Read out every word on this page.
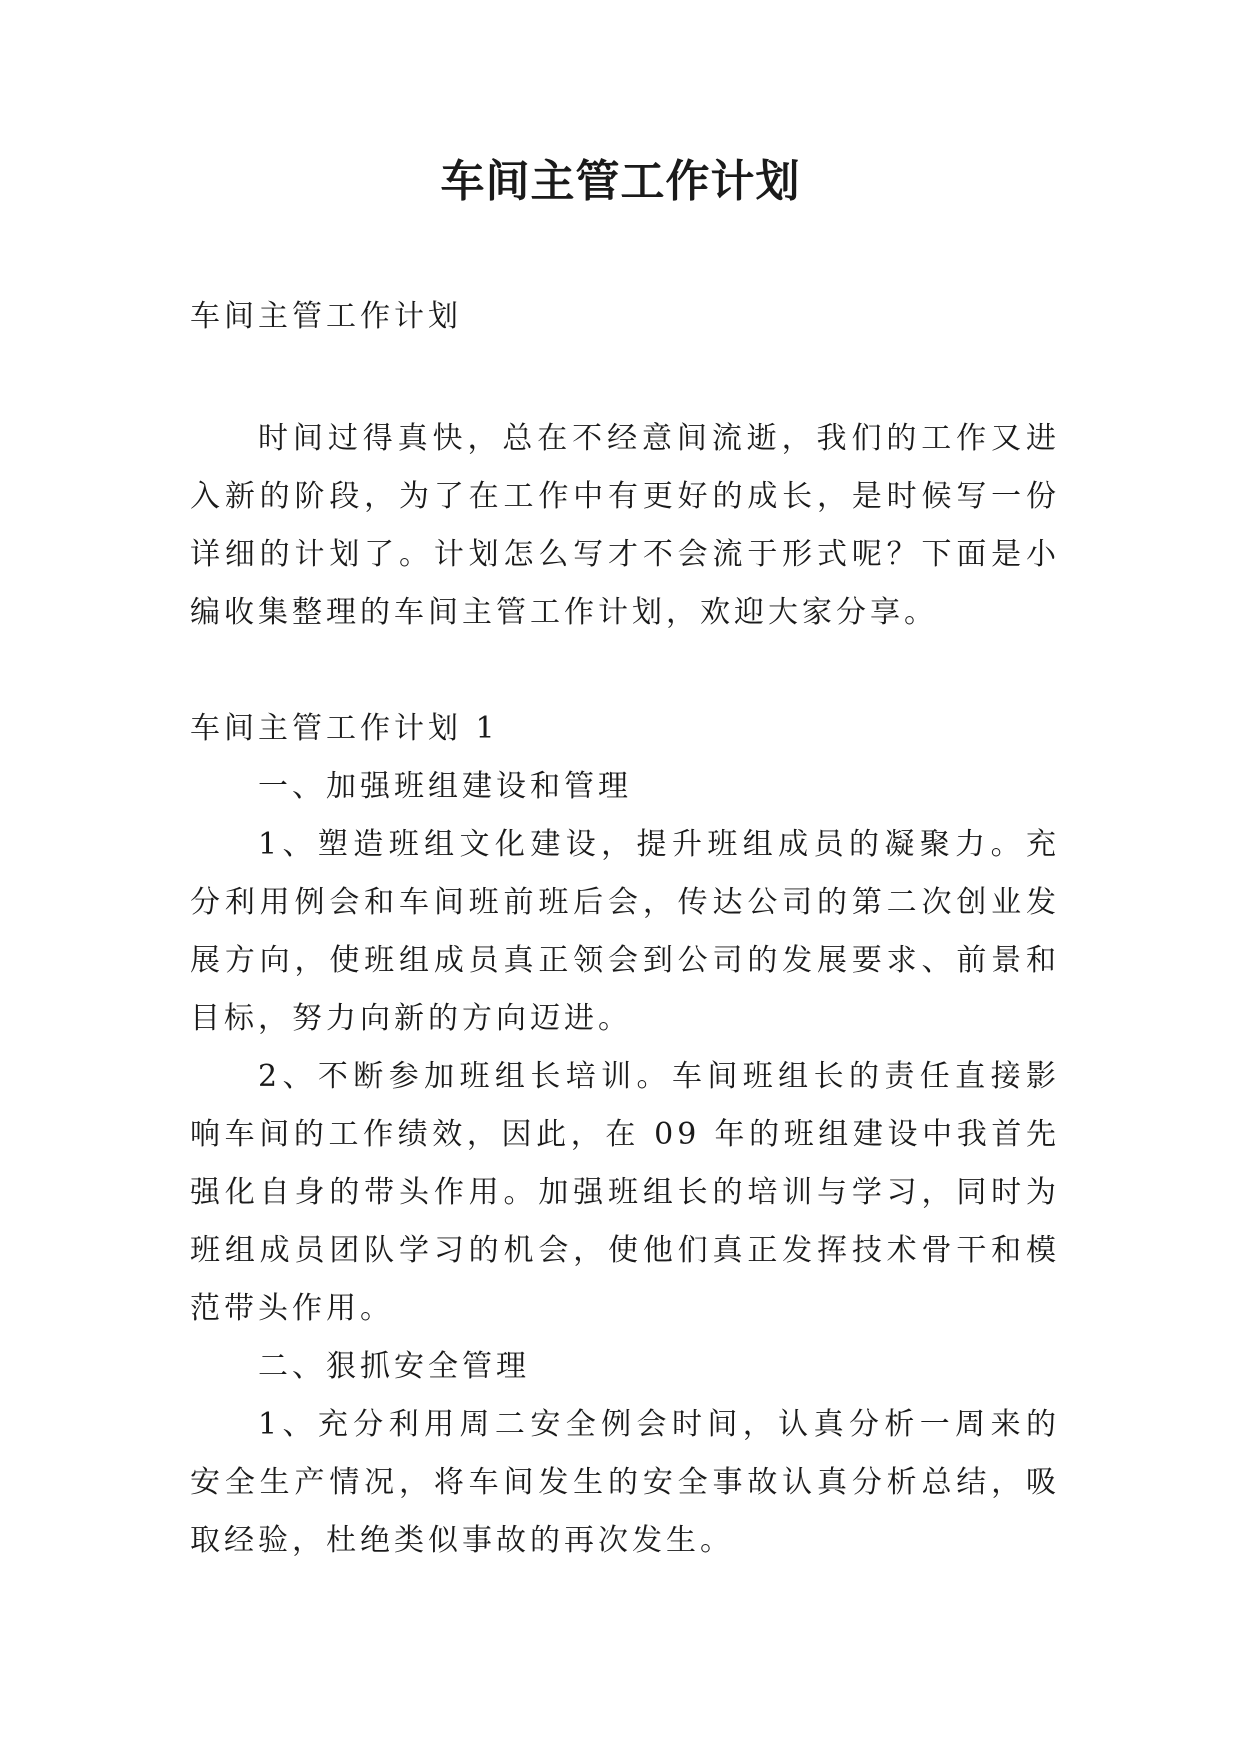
车间主管工作计划

车间主管工作计划

时间过得真快，总在不经意间流逝，我们的工作又进入新的阶段，为了在工作中有更好的成长，是时候写一份详细的计划了。计划怎么写才不会流于形式呢？下面是小编收集整理的车间主管工作计划，欢迎大家分享。

车间主管工作计划 1

一、加强班组建设和管理

1、塑造班组文化建设，提升班组成员的凝聚力。充分利用例会和车间班前班后会，传达公司的第二次创业发展方向，使班组成员真正领会到公司的发展要求、前景和目标，努力向新的方向迈进。

2、不断参加班组长培训。车间班组长的责任直接影响车间的工作绩效，因此，在 09 年的班组建设中我首先强化自身的带头作用。加强班组长的培训与学习，同时为班组成员团队学习的机会，使他们真正发挥技术骨干和模范带头作用。

二、狠抓安全管理

1、充分利用周二安全例会时间，认真分析一周来的安全生产情况，将车间发生的安全事故认真分析总结，吸取经验，杜绝类似事故的再次发生。
